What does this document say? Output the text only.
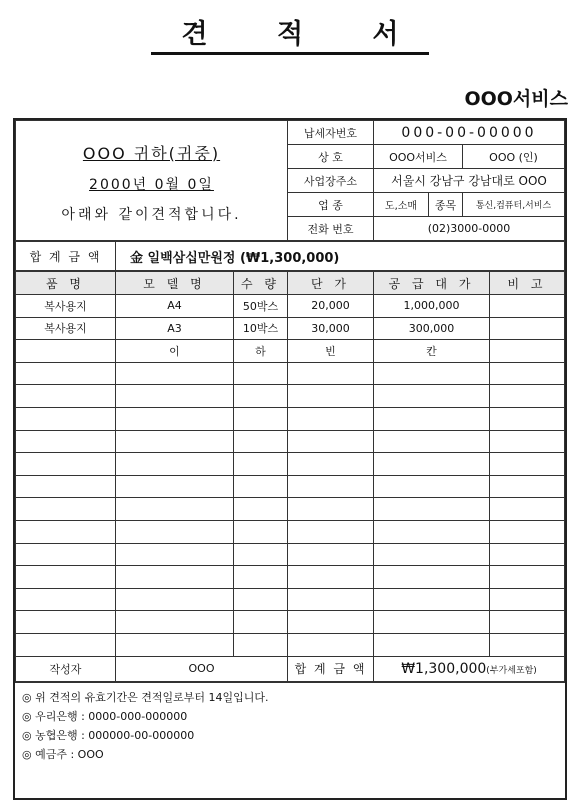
견 적 서
OOO서비스
OOO 귀하(귀중)
2000년 0월 0일
아래와 같이견적합니다.	납세자번호	000-00-00000		
	상 호	OOO서비스		OOO (인)
	사업장주소	서울시 강남구 강남대로 OOO		
	업 종	도,소매	종목	통신,컴퓨터,서비스
	전화 번호	(02)3000-0000		
합 계 금 액	金 일백삼십만원정 (₩1,300,000)
품 명	모 델 명	수 량	단 가	공 급 대 가	비 고
복사용지	A4	50박스	20,000	1,000,000	
복사용지	A3	10박스	30,000	300,000	
	이	하	빈	칸	

작성자	OOO		합 계 금 액	₩1,300,000(부가세포함)	
◎ 위 견적의 유효기간은 견적일로부터 14일입니다.
◎ 우리은행 : 0000-000-000000
◎ 농협은행 : 000000-00-000000
◎ 예금주 : OOO
